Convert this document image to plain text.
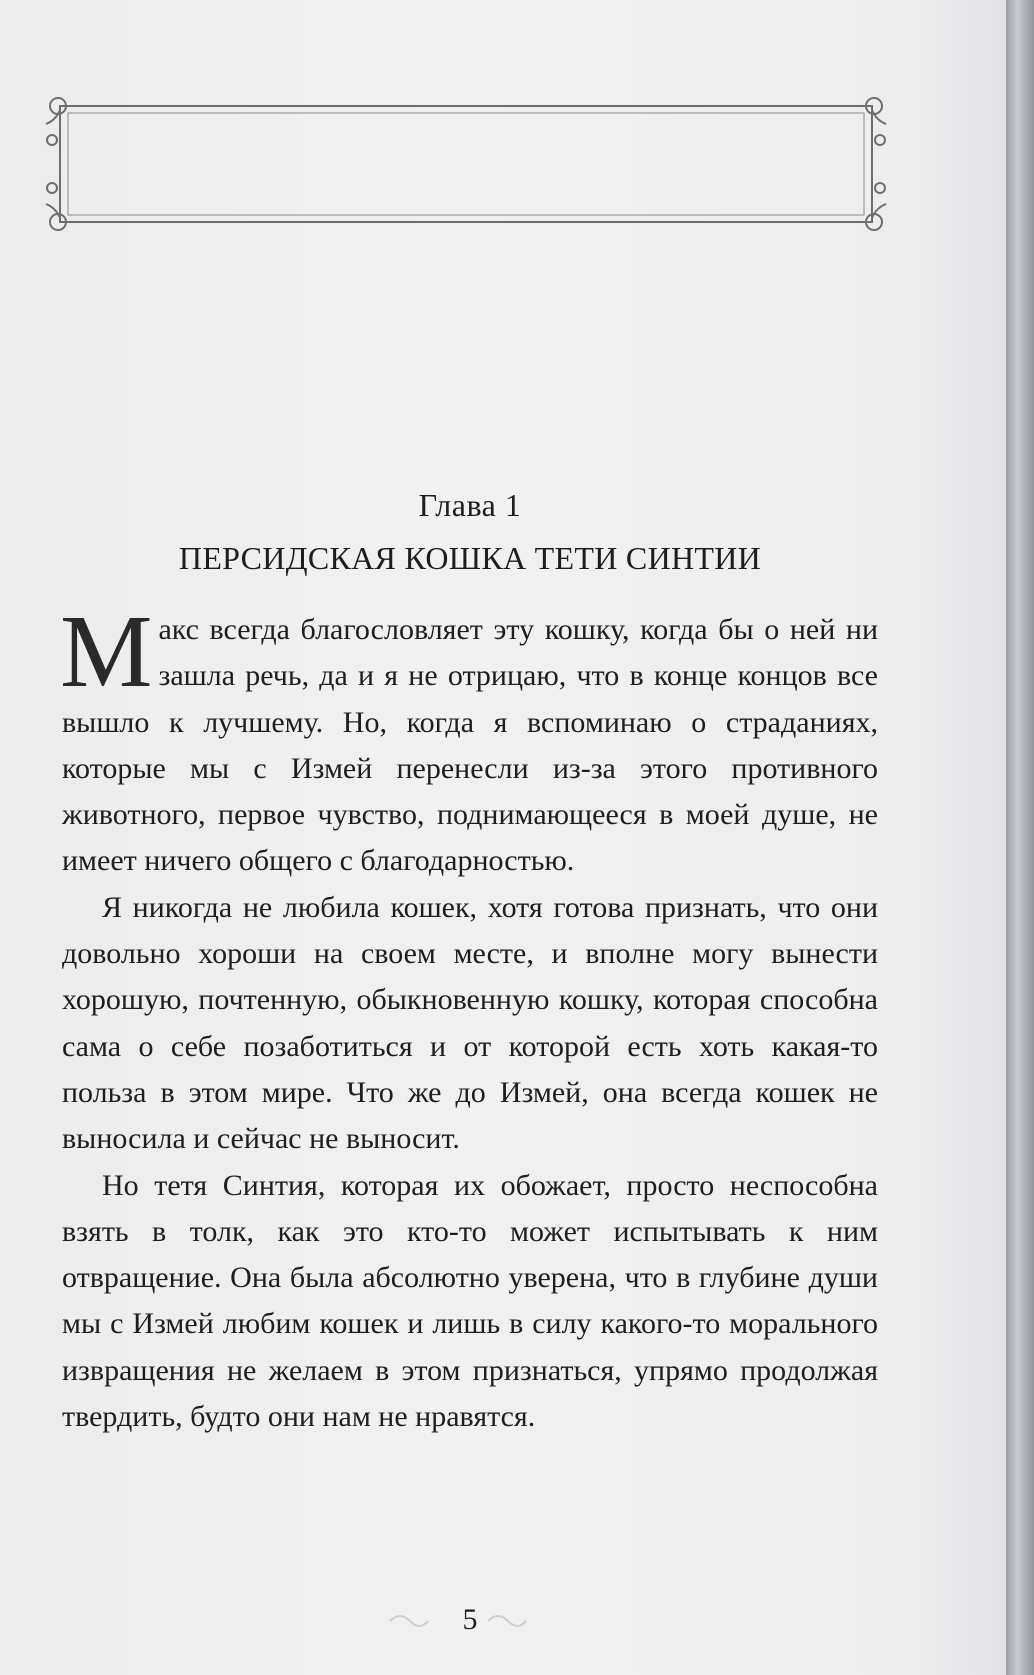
Глава 1
ПЕРСИДСКАЯ КОШКА ТЕТИ СИНТИИ

Макс всегда благословляет эту кошку, когда бы о ней ни зашла речь, да и я не отрицаю, что в конце концов все вышло к лучшему. Но, когда я вспоминаю о страданиях, которые мы с Измей перенесли из-за этого противного животного, первое чувство, поднимающееся в моей душе, не имеет ничего общего с благодарностью.

Я никогда не любила кошек, хотя готова признать, что они довольно хороши на своем месте, и вполне могу вынести хорошую, почтенную, обыкновенную кошку, которая способна сама о себе позаботиться и от которой есть хоть какая-то польза в этом мире. Что же до Измей, она всегда кошек не выносила и сейчас не выносит.

Но тетя Синтия, которая их обожает, просто неспособна взять в толк, как это кто-то может испытывать к ним отвращение. Она была абсолютно уверена, что в глубине души мы с Измей любим кошек и лишь в силу какого-то морального извращения не желаем в этом признаться, упрямо продолжая твердить, будто они нам не нравятся.

5
